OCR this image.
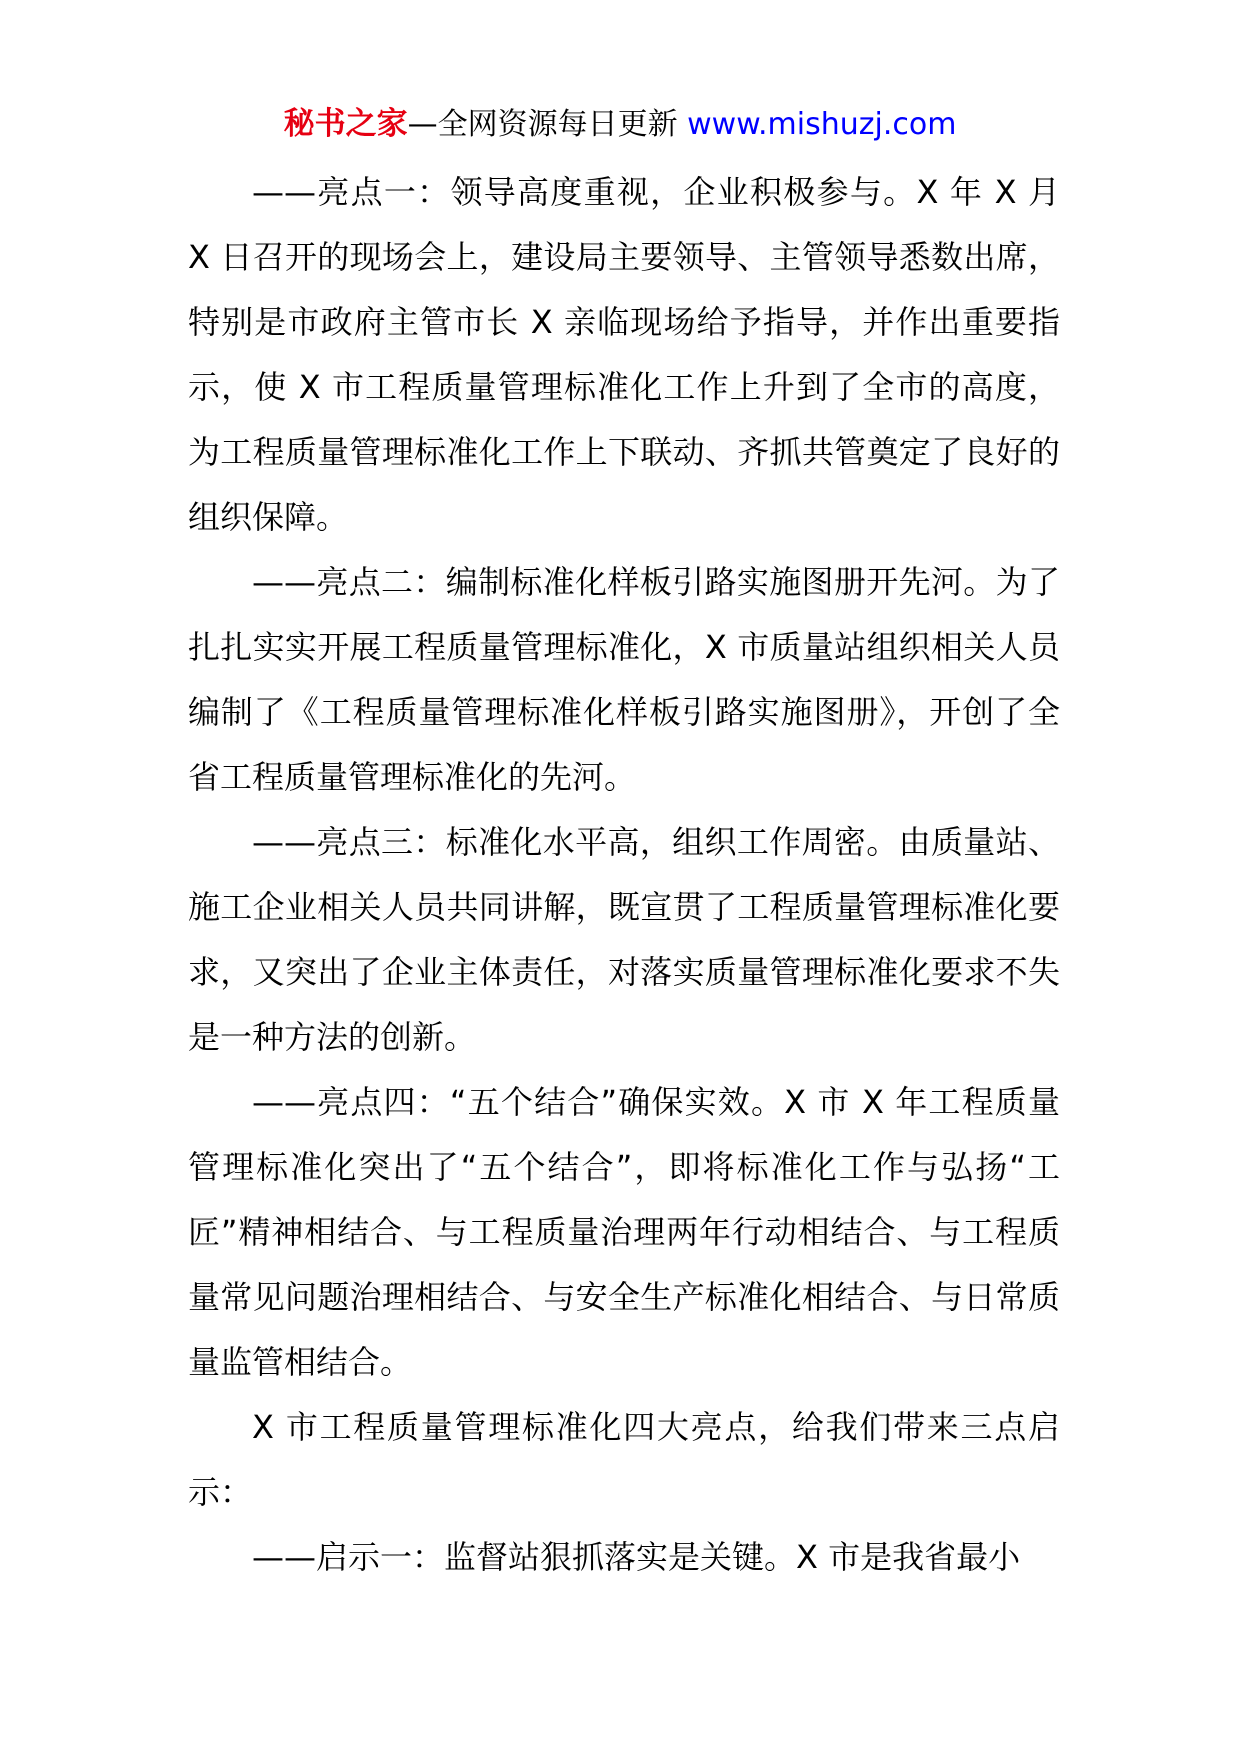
秘书之家—全网资源每日更新 www.mishuzj.com

——亮点一：领导高度重视，企业积极参与。X 年 X 月 X 日召开的现场会上，建设局主要领导、主管领导悉数出席，特别是市政府主管市长 X 亲临现场给予指导，并作出重要指示，使 X 市工程质量管理标准化工作上升到了全市的高度，为工程质量管理标准化工作上下联动、齐抓共管奠定了良好的组织保障。

——亮点二：编制标准化样板引路实施图册开先河。为了扎扎实实开展工程质量管理标准化，X 市质量站组织相关人员编制了《工程质量管理标准化样板引路实施图册》，开创了全省工程质量管理标准化的先河。

——亮点三：标准化水平高，组织工作周密。由质量站、施工企业相关人员共同讲解，既宣贯了工程质量管理标准化要求，又突出了企业主体责任，对落实质量管理标准化要求不失是一种方法的创新。

——亮点四：“五个结合”确保实效。X 市 X 年工程质量管理标准化突出了“五个结合”，即将标准化工作与弘扬“工匠”精神相结合、与工程质量治理两年行动相结合、与工程质量常见问题治理相结合、与安全生产标准化相结合、与日常质量监管相结合。

X 市工程质量管理标准化四大亮点，给我们带来三点启示：

——启示一：监督站狠抓落实是关键。X 市是我省最小
